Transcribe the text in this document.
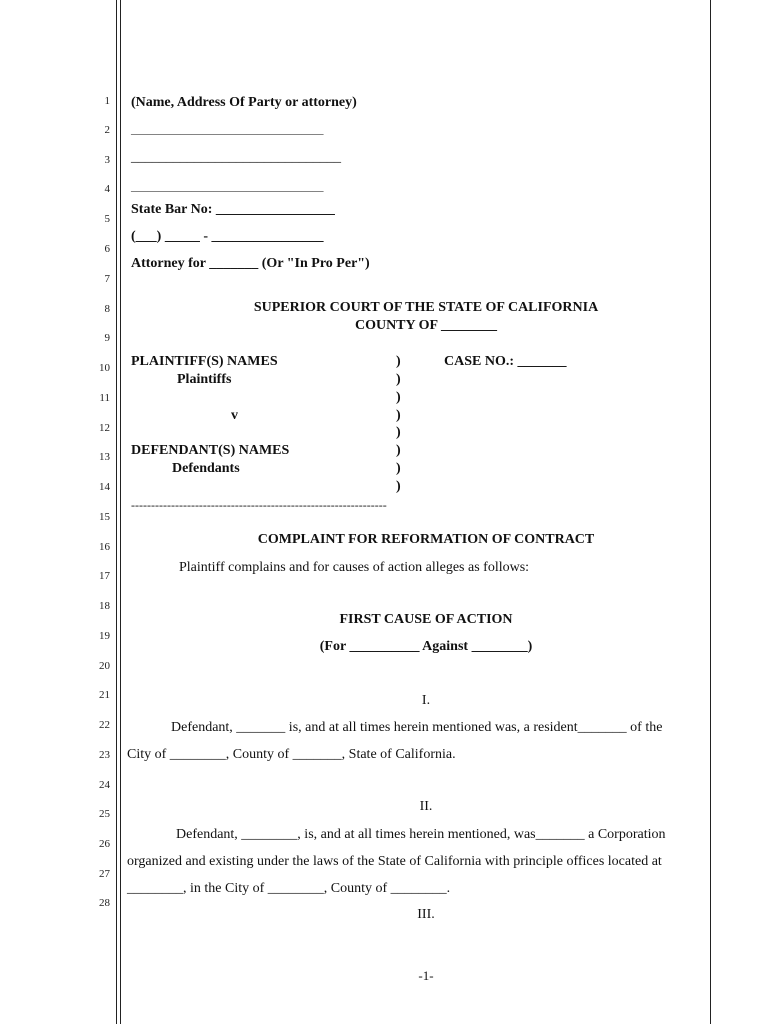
1
2
3
4
5
6
7
8
9
10
11
12
13
14
15
16
17
18
19
20
21
22
23
24
25
26
27
28
(Name, Address Of Party or attorney)
___________________________________
______________________________
___________________________________
State Bar No: _________________
(___) _____ - ________________
Attorney for _______ (Or "In Pro Per")
SUPERIOR COURT OF THE STATE OF CALIFORNIA
COUNTY OF ________
PLAINTIFF(S) NAMES
Plaintiffs
v
DEFENDANT(S) NAMES
Defendants
CASE NO.: _______
)
)
)
)
)
)
)
)
----------------------------------------------------------------
COMPLAINT FOR REFORMATION OF CONTRACT
Plaintiff complains and for causes of action alleges as follows:
FIRST CAUSE OF ACTION
(For __________ Against ________)
I.
Defendant, _______ is, and at all times herein mentioned was, a resident_______ of the
City of ________, County of _______, State of California.
II.
Defendant, ________, is, and at all times herein mentioned, was_______ a Corporation
organized and existing under the laws of the State of California with principle offices located at
________, in the City of ________, County of ________.
III.
-1-
